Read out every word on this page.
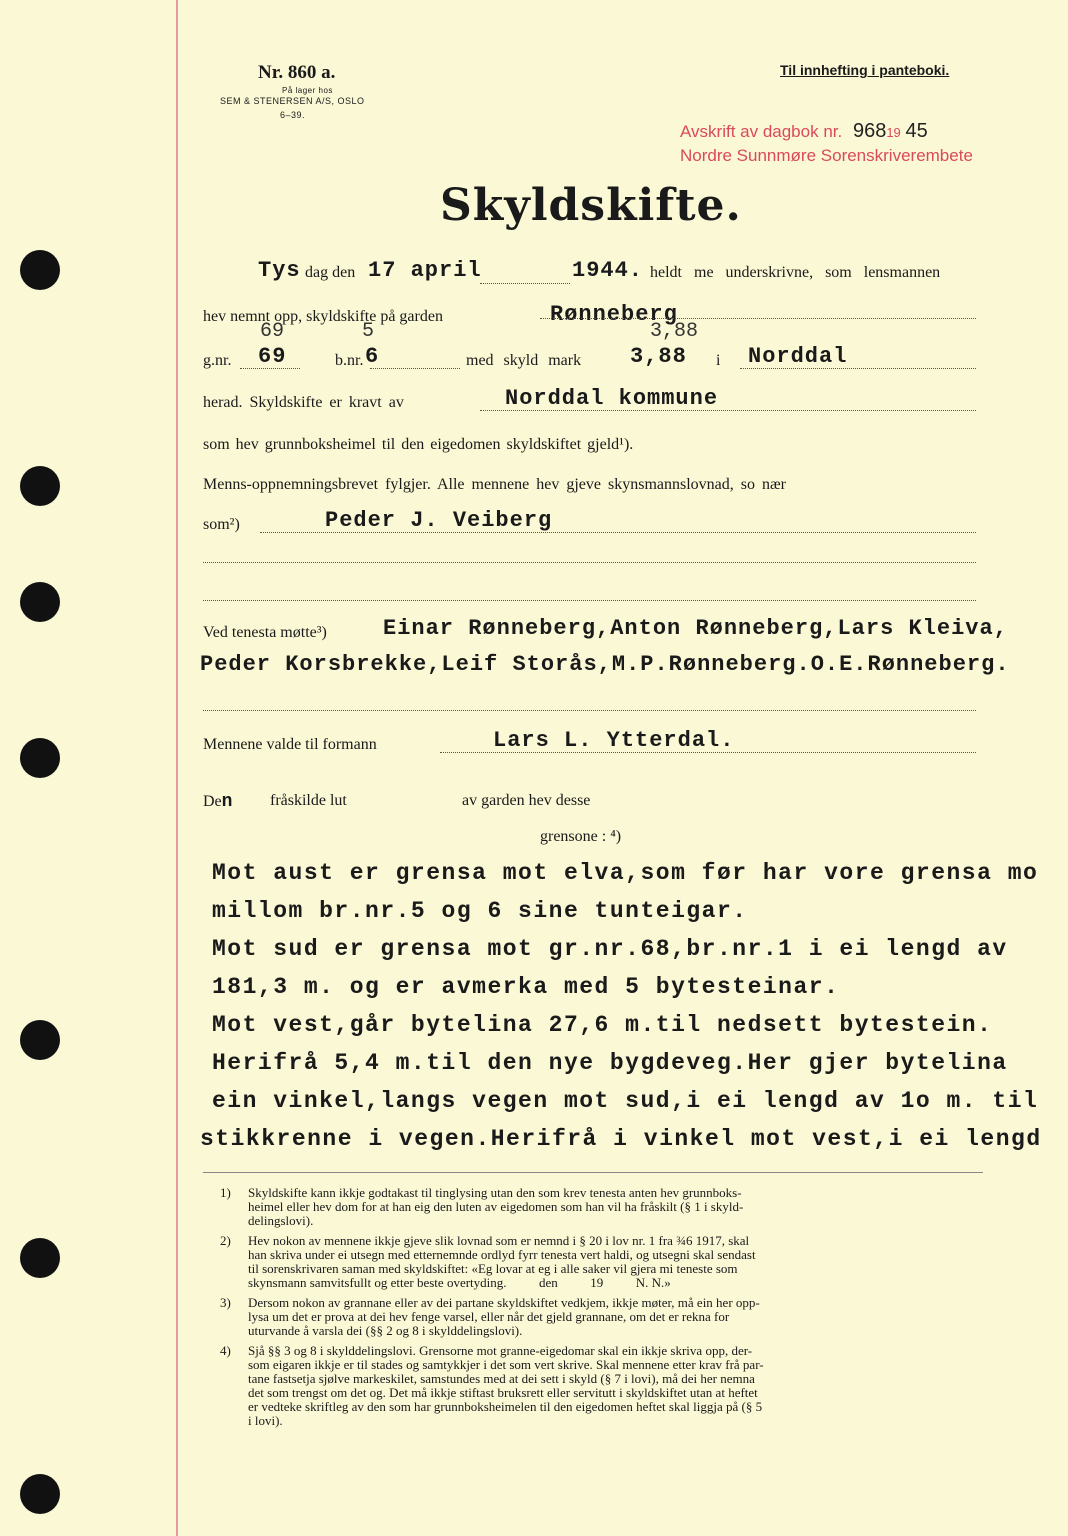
Nr. 860 a.
På lager hos
SEM & STENERSEN A/S, OSLO
6–39.
Til innhefting i panteboki.
Avskrift av dagbok nr. 96819 45
Nordre Sunnmøre Sorenskriverembete
Skyldskifte.
Tys dag den 17 april	1944. heldt me underskrivne, som lensmannen
hev nemnt opp, skyldskifte på garden	Rønneberg
69	5	3,88
g.nr. 69	b.nr. 6	med skyld mark 3,88 i Norddal
herad. Skyldskifte er kravt av	Norddal kommune
som hev grunnboksheimel til den eigedomen skyldskiftet gjeld¹).
Menns-oppnemningsbrevet fylgjer. Alle mennene hev gjeve skynsmannslovnad, so nær
som²)	Peder J. Veiberg
Ved tenesta møtte³)	Einar Rønneberg,Anton Rønneberg,Lars Kleiva,
Peder Korsbrekke,Leif Storås,M.P.Rønneberg.O.E.Rønneberg.
Mennene valde til formann	Lars L. Ytterdal.
Den fråskilde lut	av garden hev desse
grensone : ⁴)
Mot aust er grensa mot elva,som før har vore grensa mo
millom br.nr.5 og 6 sine tunteigar.
Mot sud er grensa mot gr.nr.68,br.nr.1 i ei lengd av
181,3 m. og er avmerka med 5 bytesteinar.
Mot vest,går bytelina 27,6 m.til nedsett bytestein.
Herifrå 5,4 m.til den nye bygdeveg.Her gjer bytelina
ein vinkel,langs vegen mot sud,i ei lengd av 1o m. til
stikkrenne i vegen.Herifrå i vinkel mot vest,i ei lengd
1) Skyldskifte kann ikkje godtakast til tinglysing utan den som krev tenesta anten hev grunnboks-
heimel eller hev dom for at han eig den luten av eigedomen som han vil ha fråskilt (§ 1 i skyld-
delingslovi).
2) Hev nokon av mennene ikkje gjeve slik lovnad som er nemnd i § 20 i lov nr. 1 fra ¾6 1917, skal
han skriva under ei utsegn med etternemnde ordlyd fyrr tenesta vert haldi, og utsegni skal sendast
til sorenskrivaren saman med skyldskiftet: «Eg lovar at eg i alle saker vil gjera mi teneste som
skynsmann samvitsfullt og etter beste overtyding.          den          19          N. N.»
3) Dersom nokon av grannane eller av dei partane skyldskiftet vedkjem, ikkje møter, må ein her opp-
lysa um det er prova at dei hev fenge varsel, eller når det gjeld grannane, om det er rekna for
uturvande å varsla dei (§§ 2 og 8 i skylddelingslovi).
4) Sjå §§ 3 og 8 i skylddelingslovi. Grensorne mot granne-eigedomar skal ein ikkje skriva opp, der-
som eigaren ikkje er til stades og samtykkjer i det som vert skrive. Skal mennene etter krav frå par-
tane fastsetja sjølve markeskilet, samstundes med at dei sett i skyld (§ 7 i lovi), må dei her nemna
det som trengst om det og. Det må ikkje stiftast bruksrett eller servitutt i skyldskiftet utan at heftet
er vedteke skriftleg av den som har grunnboksheimelen til den eigedomen heftet skal liggja på (§ 5
i lovi).
